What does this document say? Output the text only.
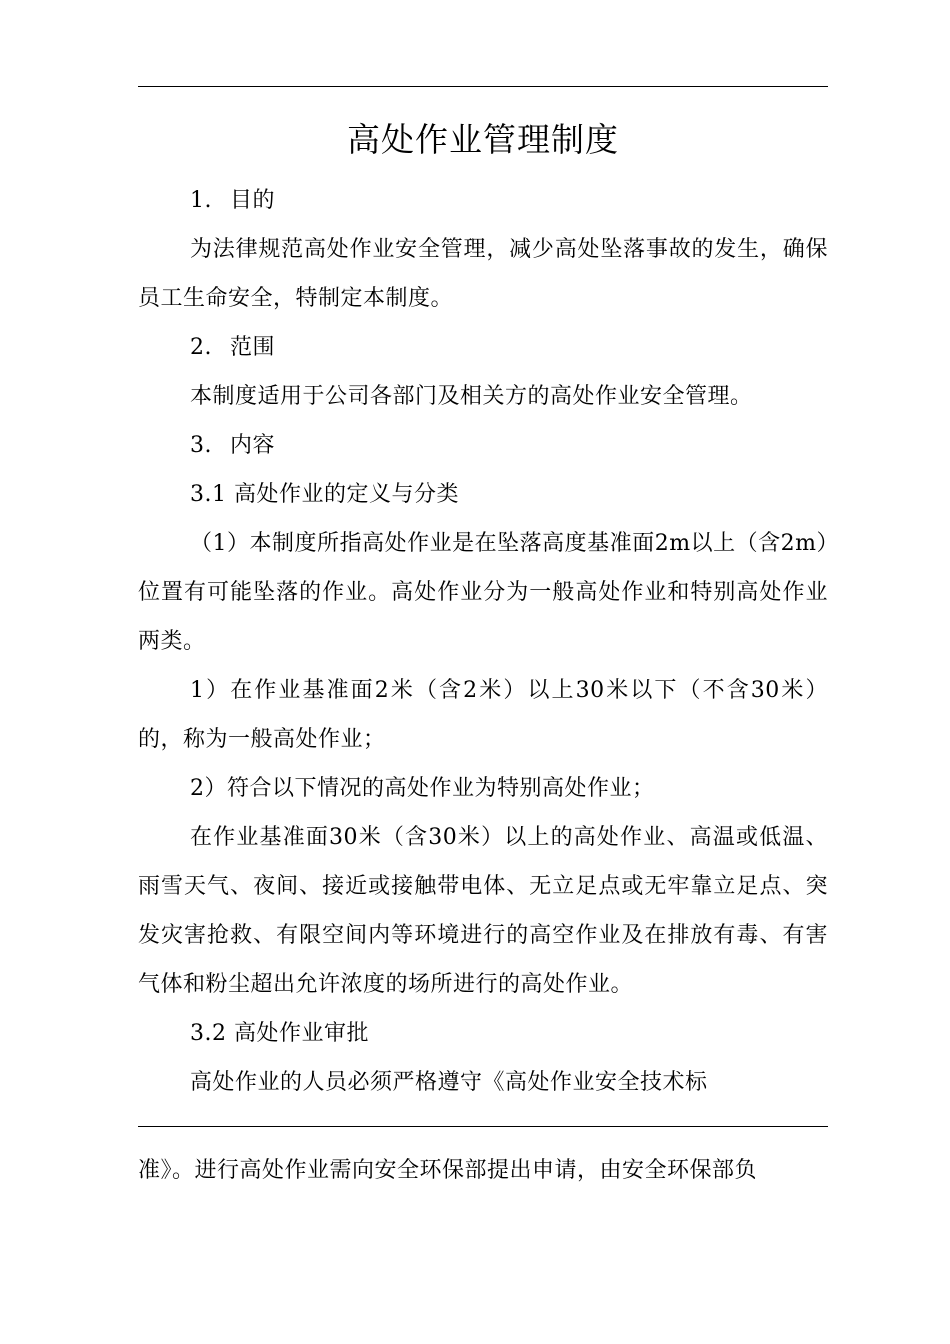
高处作业管理制度

1. 目的

为法律规范高处作业安全管理，减少高处坠落事故的发生，确保员工生命安全，特制定本制度。

2. 范围

本制度适用于公司各部门及相关方的高处作业安全管理。

3. 内容

3.1 高处作业的定义与分类

（1）本制度所指高处作业是在坠落高度基准面2m以上（含2m）位置有可能坠落的作业。高处作业分为一般高处作业和特别高处作业两类。

1）在作业基准面2米（含2米）以上30米以下（不含30米）的，称为一般高处作业；

2）符合以下情况的高处作业为特别高处作业；

在作业基准面30米（含30米）以上的高处作业、高温或低温、雨雪天气、夜间、接近或接触带电体、无立足点或无牢靠立足点、突发灾害抢救、有限空间内等环境进行的高空作业及在排放有毒、有害气体和粉尘超出允许浓度的场所进行的高处作业。

3.2 高处作业审批

高处作业的人员必须严格遵守《高处作业安全技术标

准》。进行高处作业需向安全环保部提出申请，由安全环保部负
